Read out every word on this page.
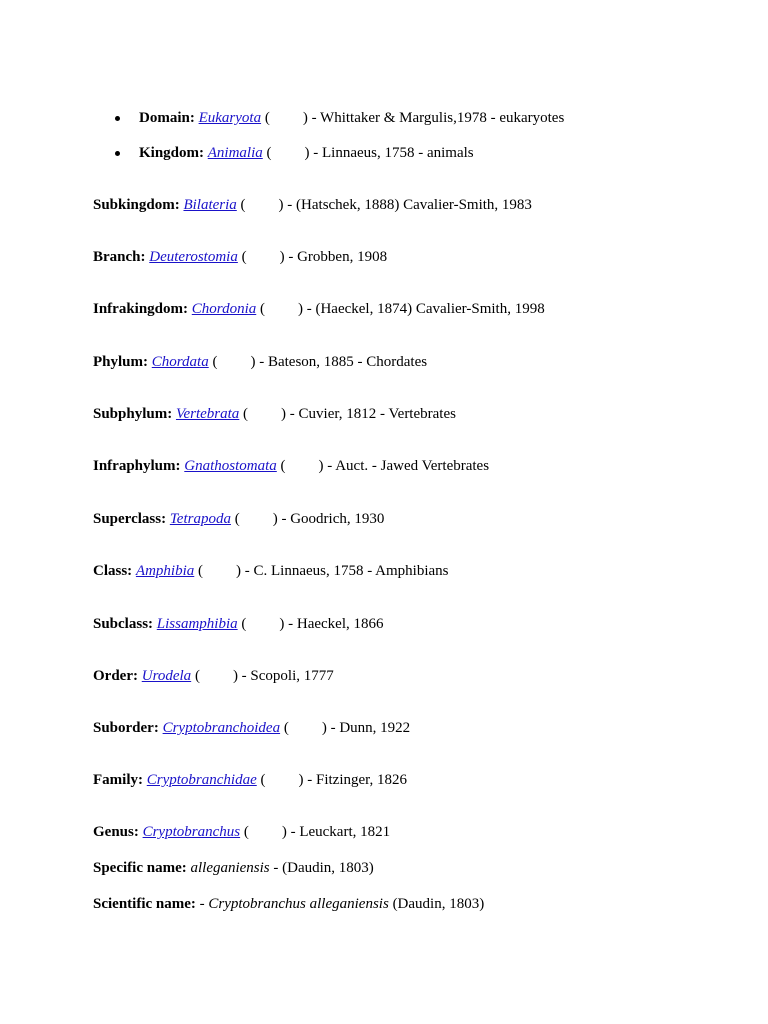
Domain: Eukaryota ( ) - Whittaker & Margulis,1978 - eukaryotes
Kingdom: Animalia ( ) - Linnaeus, 1758 - animals
Subkingdom: Bilateria ( ) - (Hatschek, 1888) Cavalier-Smith, 1983
Branch: Deuterostomia ( ) - Grobben, 1908
Infrakingdom: Chordonia ( ) - (Haeckel, 1874) Cavalier-Smith, 1998
Phylum: Chordata ( ) - Bateson, 1885 - Chordates
Subphylum: Vertebrata ( ) - Cuvier, 1812 - Vertebrates
Infraphylum: Gnathostomata ( ) - Auct. - Jawed Vertebrates
Superclass: Tetrapoda ( ) - Goodrich, 1930
Class: Amphibia ( ) - C. Linnaeus, 1758 - Amphibians
Subclass: Lissamphibia ( ) - Haeckel, 1866
Order: Urodela ( ) - Scopoli, 1777
Suborder: Cryptobranchoidea ( ) - Dunn, 1922
Family: Cryptobranchidae ( ) - Fitzinger, 1826
Genus: Cryptobranchus ( ) - Leuckart, 1821
Specific name: alleganiensis - (Daudin, 1803)
Scientific name: - Cryptobranchus alleganiensis (Daudin, 1803)
